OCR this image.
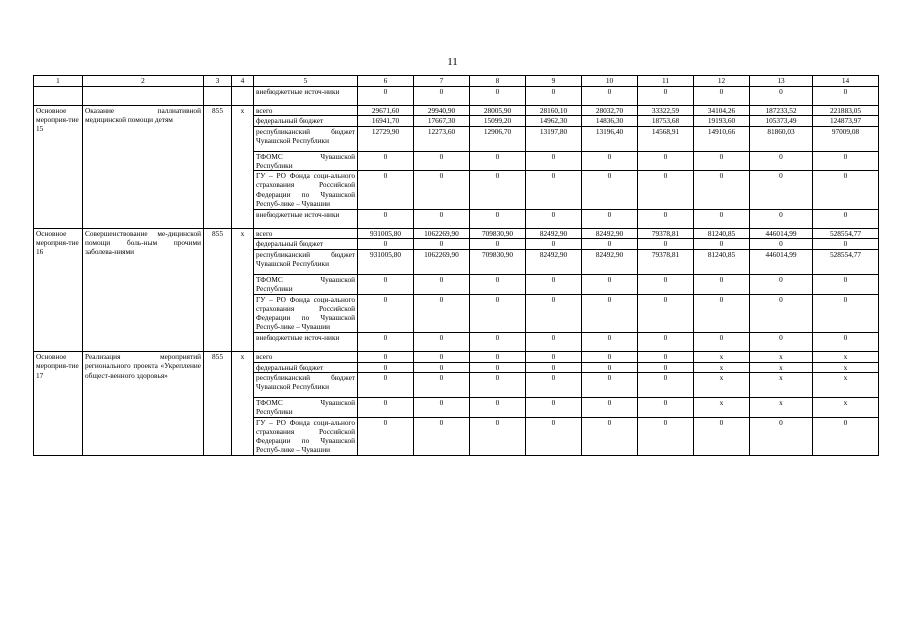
11
1	2	3	4	5	6	7	8	9	10	11	12	13	14
				внебюджетные источ-ники	0	0	0	0	0	0	0	0	0
Основное мероприя-тие 15	Оказание паллиативной медицинской помощи детям	855	х	всего	29671,60	29940,90	28005,90	28160,10	28032,70	33322,59	34104,26	187233,52	221883,05
				федеральный бюджет	16941,70	17667,30	15099,20	14962,30	14836,30	18753,68	19193,60	105373,49	124873,97
				республиканский бюджет Чувашской Республики	12729,90	12273,60	12906,70	13197,80	13196,40	14568,91	14910,66	81860,03	97009,08
				ТФОМС Чувашской Республики	0	0	0	0	0	0	0	0	0
				ГУ – РО Фонда соци-ального страхования Российской Федерации по Чувашской Респуб-лике – Чувашии	0	0	0	0	0	0	0	0	0
				внебюджетные источ-ники	0	0	0	0	0	0	0	0	0
Основное мероприя-тие 16	Совершенствование ме-дицинской помощи боль-ным прочими заболева-ниями	855	х	всего	931005,80	1062269,90	709830,90	82492,90	82492,90	79378,81	81240,85	446014,99	528554,77
				федеральный бюджет	0	0	0	0	0	0	0	0	0
				республиканский бюджет Чувашской Республики	931005,80	1062269,90	709830,90	82492,90	82492,90	79378,81	81240,85	446014,99	528554,77
				ТФОМС Чувашской Республики	0	0	0	0	0	0	0	0	0
				ГУ – РО Фонда соци-ального страхования Российской Федерации по Чувашской Респуб-лике – Чувашии	0	0	0	0	0	0	0	0	0
				внебюджетные источ-ники	0	0	0	0	0	0	0	0	0
Основное мероприя-тие 17	Реализация мероприятий регионального проекта «Укрепление общест-венного здоровья»	855	х	всего	0	0	0	0	0	0	х	х	х
				федеральный бюджет	0	0	0	0	0	0	х	х	х
				республиканский бюджет Чувашской Республики	0	0	0	0	0	0	х	х	х
				ТФОМС Чувашской Республики	0	0	0	0	0	0	х	х	х
				ГУ – РО Фонда соци-ального страхования Российской Федерации по Чувашской Респуб-лике – Чувашии	0	0	0	0	0	0	0	0	0
